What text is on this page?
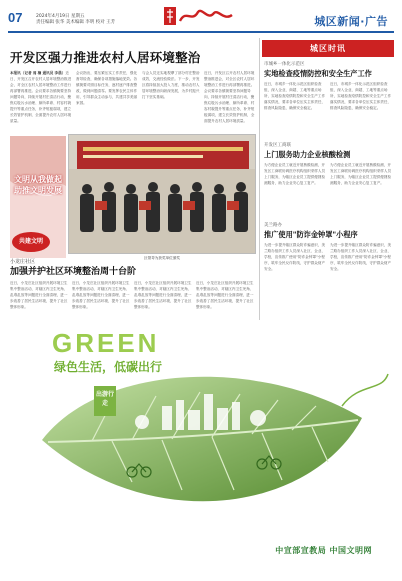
07	2024年4月19日 星期五
责任编辑 张华 美术编辑 李明 校对 王芳	城区新闻·广告
开发区强力推进农村人居环境整治
本报讯（记者 周 楠 通讯员 李晨）近日，开发区召开农村人居环境整治推进会，对全区农村人居环境整治工作进行再部署再推进。会议要求各镇街要坚持问题导向，持续开展村庄清洁行动，聚焦垃圾污水治理、厕所革命、村容村貌提升等重点任务，补齐短板弱项，建立长效管护机制，全面提升农村人居环境质量。
会议指出，要压紧压实工作责任，强化督导检查，确保各项措施落地见效。各镇街要对照目标任务，逐村逐户排查整改，做到问题清零。要发挥农民主体作用，引导群众主动参与，共建共享美丽家园。
与会人员还实地观摩了部分村庄整治成效，交流经验做法。下一步，开发区将持续加大投入力度，推动农村人居环境整治向纵深发展，为乡村振兴打下坚实基础。
近日，开发区召开农村人居环境整治推进会，对全区农村人居环境整治工作进行再部署再推进。会议要求各镇街要坚持问题导向，持续开展村庄清洁行动，聚焦垃圾污水治理、厕所革命、村容村貌提升等重点任务，补齐短板弱项，建立长效管护机制，全面提升农村人居环境质量。
文明从我做起 助推文明发展
共建文明
区领导为获奖单位颁奖
小龙庄社区
加强并护社区环境整治周十台阶
近日，小龙庄社区组织开展环境卫生集中整治活动，对辖区内卫生死角、乱堆乱放等问题进行全面清理，进一步改善了居民生活环境，提升了社区整体形象。
近日，小龙庄社区组织开展环境卫生集中整治活动，对辖区内卫生死角、乱堆乱放等问题进行全面清理，进一步改善了居民生活环境，提升了社区整体形象。
近日，小龙庄社区组织开展环境卫生集中整治活动，对辖区内卫生死角、乱堆乱放等问题进行全面清理，进一步改善了居民生活环境，提升了社区整体形象。
近日，小龙庄社区组织开展环境卫生集中整治活动，对辖区内卫生死角、乱堆乱放等问题进行全面清理，进一步改善了居民生活环境，提升了社区整体形象。
城区时讯
市城乡一体化示范区
实地检查疫情防控和安全生产工作
近日，市城乡一体化示范区组织检查组，深入企业、商超、工地等重点场所，实地检查疫情防控和安全生产工作落实情况，要求各单位压实主体责任，排查风险隐患，确保安全稳定。
近日，市城乡一体化示范区组织检查组，深入企业、商超、工地等重点场所，实地检查疫情防控和安全生产工作落实情况，要求各单位压实主体责任，排查风险隐患，确保安全稳定。
开发区工商联
上门服务助力企业核酸检测
为方便企业员工就近开展核酸检测，开发区工商联协调医疗机构组织采样人员上门服务，为辖区企业员工提供便捷检测服务，助力企业安心复工复产。
为方便企业员工就近开展核酸检测，开发区工商联协调医疗机构组织采样人员上门服务，为辖区企业员工提供便捷检测服务，助力企业安心复工复产。
美兰路办
推广使用"防诈金钟罩"小程序
为进一步提升辖区群众防诈骗意识，美兰路办组织工作人员深入社区、企业、学校，宣传推广使用"防诈金钟罩"小程序，筑牢全民反诈防线，守护群众财产安全。
为进一步提升辖区群众防诈骗意识，美兰路办组织工作人员深入社区、企业、学校，宣传推广使用"防诈金钟罩"小程序，筑牢全民反诈防线，守护群众财产安全。
GREEN
绿色生活，低碳出行
出游行走
中宣部宣教局 中国文明网
